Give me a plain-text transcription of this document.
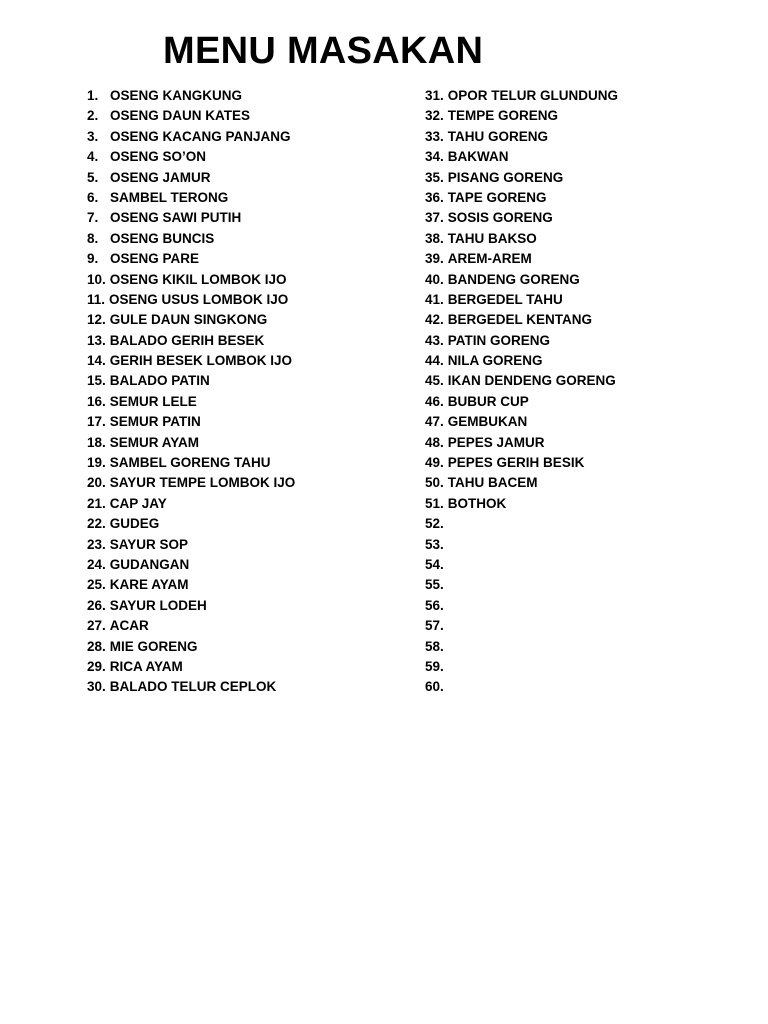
MENU MASAKAN
1. OSENG KANGKUNG
2. OSENG DAUN KATES
3. OSENG KACANG PANJANG
4. OSENG SO’ON
5. OSENG JAMUR
6. SAMBEL TERONG
7. OSENG SAWI PUTIH
8. OSENG BUNCIS
9. OSENG PARE
10. OSENG KIKIL LOMBOK IJO
11. OSENG USUS LOMBOK IJO
12. GULE DAUN SINGKONG
13. BALADO GERIH BESEK
14. GERIH BESEK LOMBOK IJO
15. BALADO PATIN
16. SEMUR LELE
17. SEMUR PATIN
18. SEMUR AYAM
19. SAMBEL GORENG TAHU
20. SAYUR TEMPE LOMBOK IJO
21. CAP JAY
22. GUDEG
23. SAYUR SOP
24. GUDANGAN
25. KARE AYAM
26. SAYUR LODEH
27. ACAR
28. MIE GORENG
29. RICA AYAM
30. BALADO TELUR CEPLOK
31. OPOR TELUR GLUNDUNG
32. TEMPE GORENG
33. TAHU GORENG
34. BAKWAN
35. PISANG GORENG
36. TAPE GORENG
37. SOSIS GORENG
38. TAHU BAKSO
39. AREM-AREM
40. BANDENG GORENG
41. BERGEDEL TAHU
42. BERGEDEL KENTANG
43. PATIN GORENG
44. NILA GORENG
45. IKAN DENDENG GORENG
46. BUBUR CUP
47. GEMBUKAN
48. PEPES JAMUR
49. PEPES GERIH BESIK
50. TAHU BACEM
51. BOTHOK
52.
53.
54.
55.
56.
57.
58.
59.
60.
